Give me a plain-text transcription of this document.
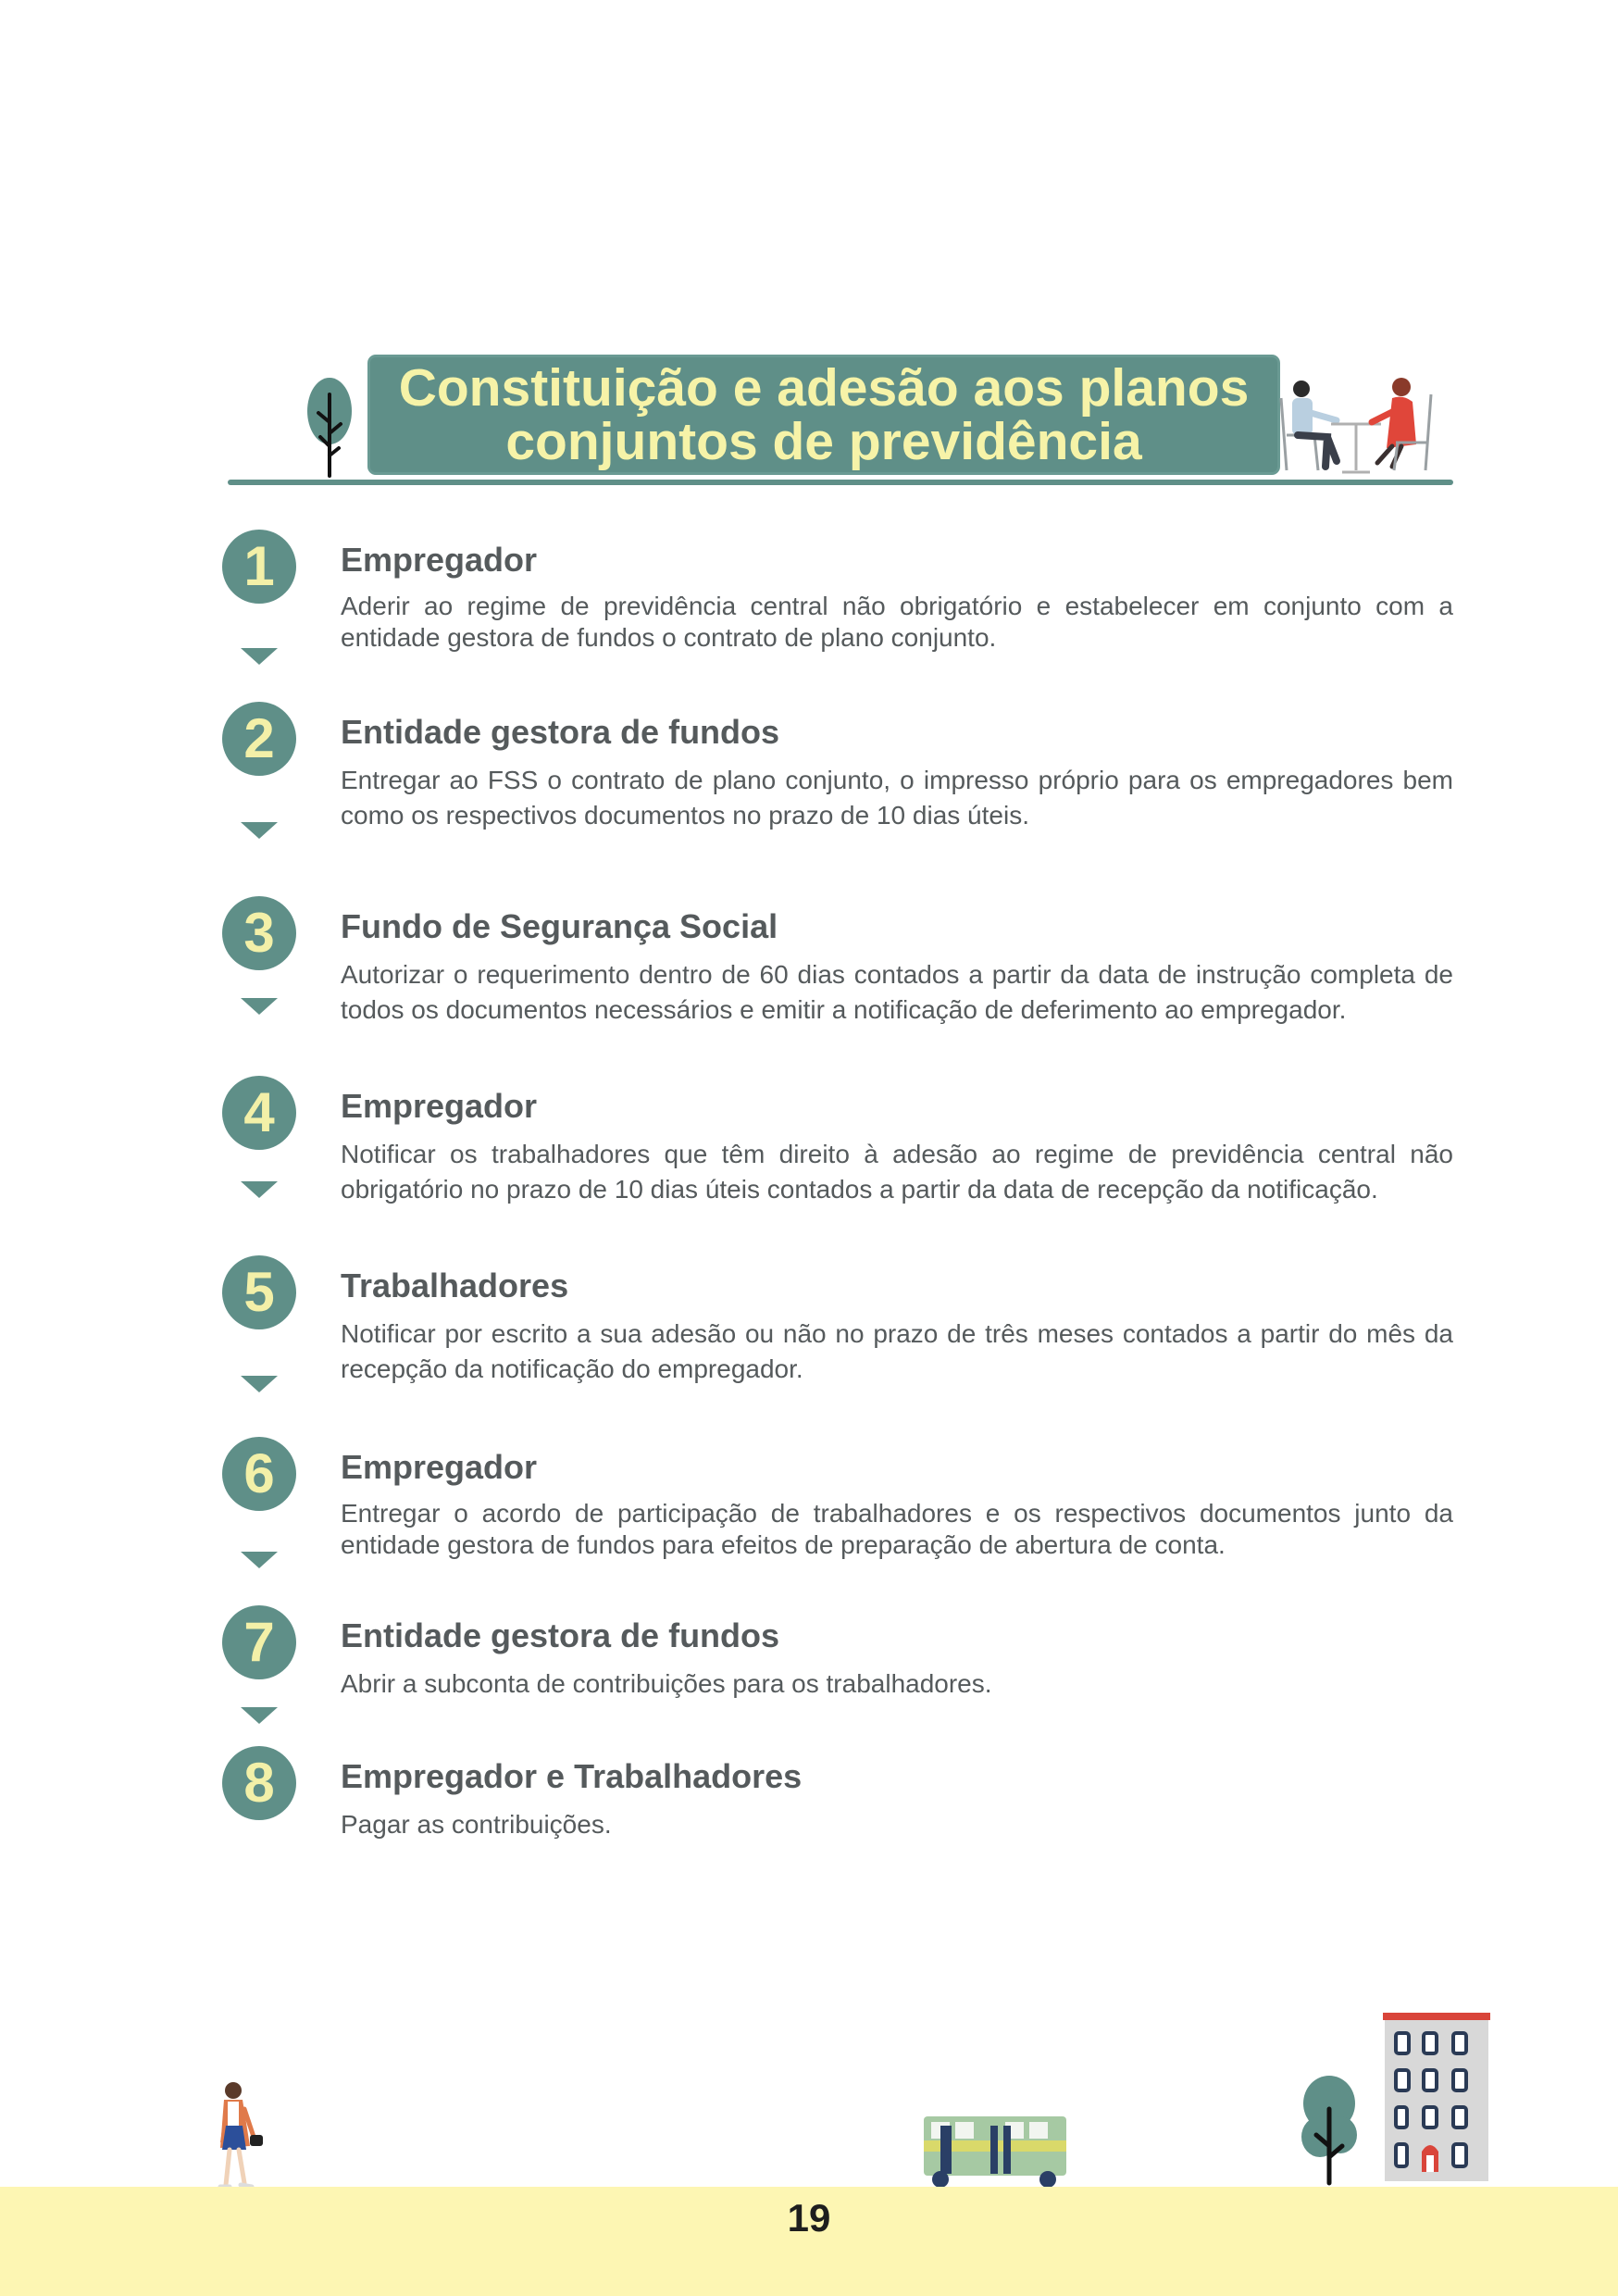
Constituição e adesão aos planos
conjuntos de previdência
1	Empregador
Aderir ao regime de previdência central não obrigatório e estabelecer em conjunto com a entidade gestora de fundos o contrato de plano conjunto.
2	Entidade gestora de fundos
Entregar ao FSS o contrato de plano conjunto, o impresso próprio para os empregadores bem como os respectivos documentos no prazo de 10 dias úteis.
3	Fundo de Segurança Social
Autorizar o requerimento dentro de 60 dias contados a partir da data de instrução completa de todos os documentos necessários e emitir a notificação de deferimento ao empregador.
4	Empregador
Notificar os trabalhadores que têm direito à adesão ao regime de previdência central não obrigatório no prazo de 10 dias úteis contados a partir da data de recepção da notificação.
5	Trabalhadores
Notificar por escrito a sua adesão ou não no prazo de três meses contados a partir do mês da recepção da notificação do empregador.
6	Empregador
Entregar o acordo de participação de trabalhadores e os respectivos documentos junto da entidade gestora de fundos para efeitos de preparação de abertura de conta.
7	Entidade gestora de fundos
Abrir a subconta de contribuições para os trabalhadores.
8	Empregador e Trabalhadores
Pagar as contribuições.
19
